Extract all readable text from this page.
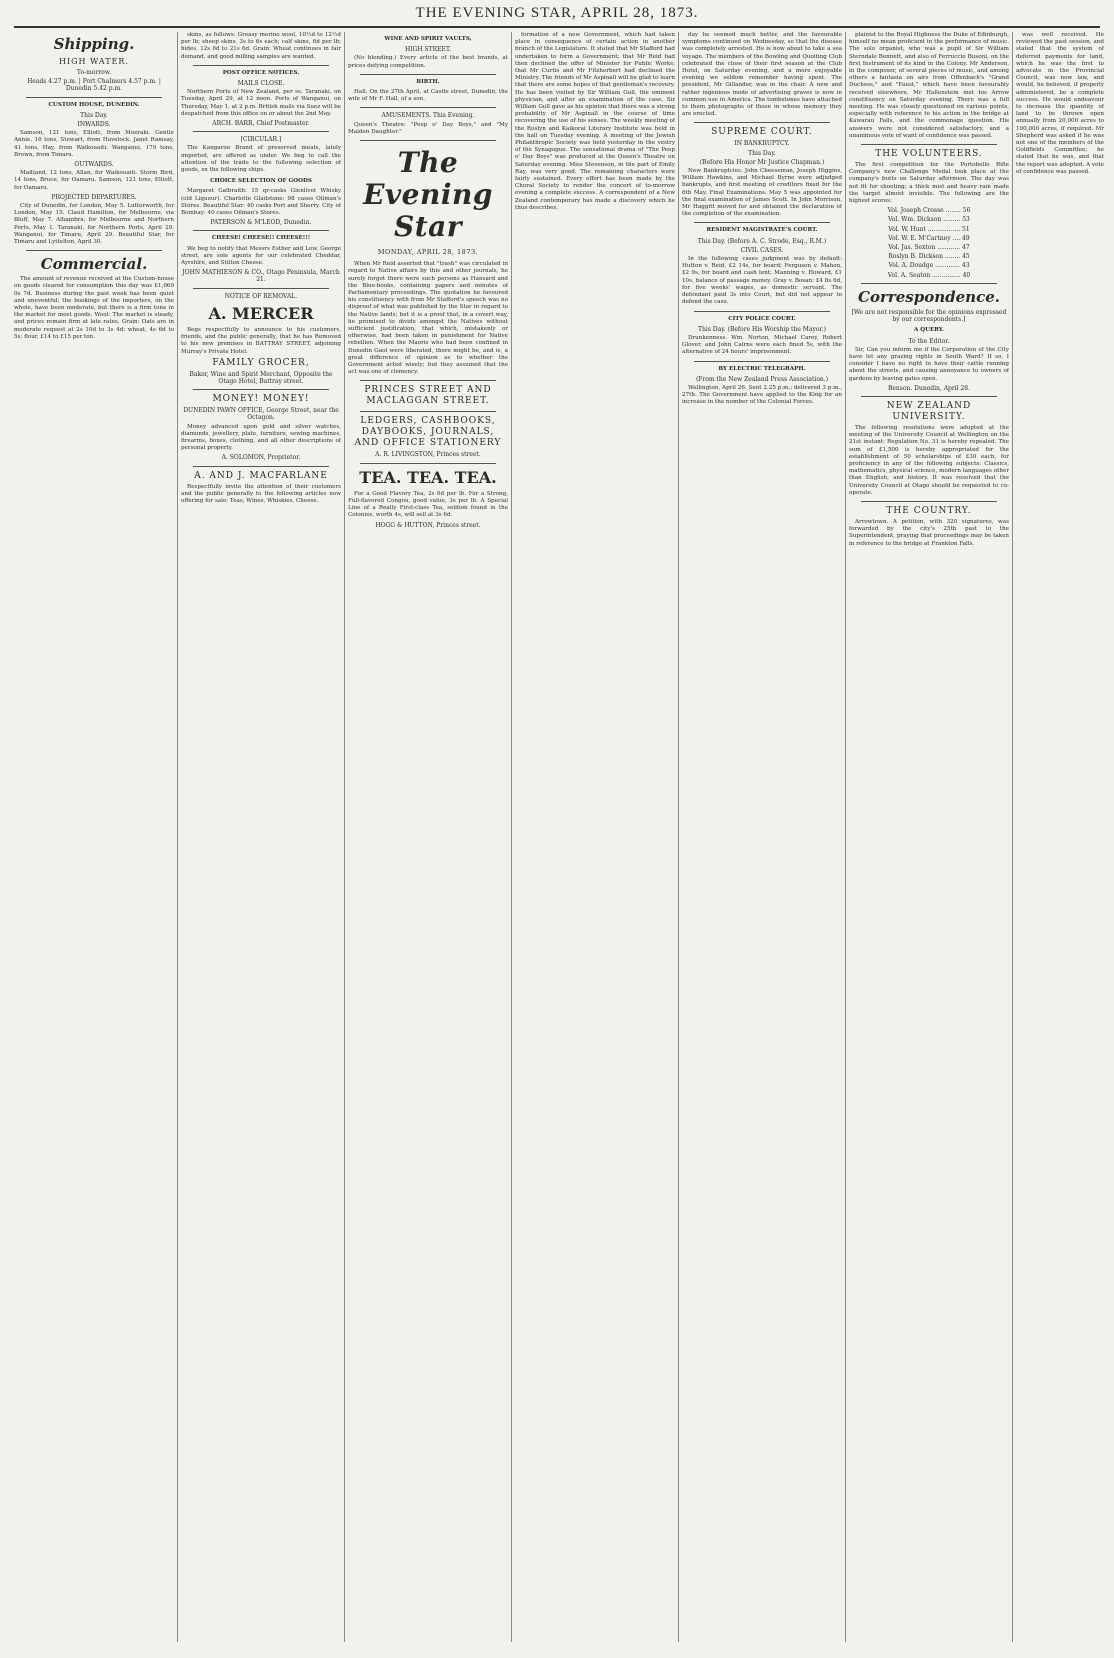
THE EVENING STAR, APRIL 28, 1873.
Shipping.
HIGH WATER.
To-morrow.
Heads 4.27 p.m. | Port Chalmers 4.57 p.m. | Dunedin 5.42 p.m.
CUSTOM HOUSE, DUNEDIN.
This Day.
INWARDS.

Samson, 121 tons, Elliott, from Moeraki. Gentle Annie, 16 tons, Stewart, from Havelock. Janet Ramsay, 41 tons, Hay, from Waikouaiti. Wanganui, 179 tons, Brown, from Timaru.

OUTWARDS.

Maitland, 12 tons, Allan, for Waikouaiti. Storm Bird, 14 tons, Bruce, for Oamaru. Samson, 121 tons, Elliott, for Oamaru.

PROJECTED DEPARTURES.

City of Dunedin, for London, May 5. Lutterworth, for London, May 15. Claud Hamilton, for Melbourne, via Bluff, May 7. Alhambra, for Melbourne and Northern Ports, May 1. Taranaki, for Northern Ports, April 29. Wanganui, for Timaru, April 29. Beautiful Star, for Timaru and Lyttelton, April 30.

Commercial.

The amount of revenue received at the Custom-house on goods cleared for consumption this day was £1,069 0s 7d. Business during the past week has been quiet and uneventful; the bookings of the importers, on the whole, have been moderate, but there is a firm tone in the market for most goods. Wool: The market is steady, and prices remain firm at late rates. Grain: Oats are in moderate request at 2s 10d to 3s 4d; wheat, 4s 6d to 5s; flour, £14 to £15 per ton.

skins, as follows: Greasy merino wool, 10½d to 12½d per lb; sheep skins, 3s to 6s each; calf skins, 6d per lb; hides, 12s 6d to 21s 6d. Grain: Wheat continues in fair demand, and good milling samples are wanted.

POST OFFICE NOTICES.
MAILS CLOSE.

Northern Ports of New Zealand, per ss. Taranaki, on Tuesday, April 29, at 12 noon. Ports of Wanganui, on Thursday, May 1, at 2 p.m. British mails via Suez will be despatched from this office on or about the 2nd May.

ARCH. BARR, Chief Postmaster.
[CIRCULAR.]

The Kangaroo Brand of preserved meats, lately imported, are offered as under. We beg to call the attention of the trade to the following selection of goods, ex the following ships.

CHOICE SELECTION OF GOODS

Margaret Galbraith: 15 qr-casks Glenlivet Whisky (old Liqueur). Charlotte Gladstone: 98 cases Oilman's Stores. Beautiful Star: 40 casks Port and Sherry. City of Bombay: 40 cases Oilman's Stores.

PATERSON & M'LEOD, Dunedin.
CHEESE! CHEESE!! CHEESE!!!

We beg to notify that Messrs Esther and Low, George street, are sole agents for our celebrated Cheddar, Ayrshire, and Stilton Cheese.

JOHN MATHIESON & CO., Otago Peninsula, March 21.
NOTICE OF REMOVAL.
A. MERCER

Begs respectfully to announce to his customers, friends, and the public generally, that he has Removed to his new premises in BATTRAY STREET, adjoining Murray's Private Hotel.

FAMILY GROCER,
Baker, Wine and Spirit Merchant, Opposite the Otago Hotel, Battray street.
MONEY! MONEY!
DUNEDIN PAWN OFFICE, George Street, near the Octagon.

Money advanced upon gold and silver watches, diamonds, jewellery, plate, furniture, sewing machines, firearms, boxes, clothing, and all other descriptions of personal property.

A. SOLOMON, Proprietor.
A. AND J. MACFARLANE

Respectfully invite the attention of their customers and the public generally to the following articles now offering for sale: Teas, Wines, Whiskies, Cheese.

WINE AND SPIRIT VAULTS,
HIGH STREET.

(No blending.) Every article of the best brands, at prices defying competition.

BIRTH.

Hall. On the 27th April, at Castle street, Dunedin, the wife of Mr F. Hall, of a son.

AMUSEMENTS. This Evening.

Queen's Theatre: "Peep o' Day Boys," and "My Maiden Daughter."

The Evening Star
MONDAY, APRIL 28, 1873.

When Mr Reid asserted that "trash" was circulated in regard to Native affairs by this and other journals, he surely forgot there were such persons as Hansard and the Blue-books, containing papers and minutes of Parliamentary proceedings. The quotation he favoured his constituency with from Mr Stafford's speech was no disproof of what was published by the Star in regard to the Native lands; but it is a proof that, in a covert way, he promised to divide amongst the Natives without sufficient justification, that which, mistakenly or otherwise, had been taken in punishment for Native rebellion. When the Maoris who had been confined in Dunedin Gaol were liberated, there might be, and is, a great difference of opinion as to whether the Government acted wisely; but they assumed that the act was one of clemency.

PRINCES STREET AND MACLAGGAN STREET.
LEDGERS, CASHBOOKS, DAYBOOKS, JOURNALS, AND OFFICE STATIONERY
A. R. LIVINGSTON, Princes street.
TEA. TEA. TEA.

For a Good Flavory Tea, 2s 6d per lb. For a Strong, Full-flavored Congou, good value, 3s per lb. A Special Line of a Really First-class Tea, seldom found in the Colonies, worth 4s, will sell at 3s 6d.

HOGG & HUTTON, Princes street.

formation of a new Government, which had taken place in consequence of certain action in another branch of the Legislature. It stated that Mr Stafford had undertaken to form a Government; that Mr Reid had then declined the offer of Minister for Public Works; that Mr Curtis and Mr Fitzherbert had declined the Ministry. The friends of Mr Aspinall will be glad to learn that there are some hopes of that gentleman's recovery. He has been visited by Sir William Gull, the eminent physician, and after an examination of the case, Sir William Gull gave as his opinion that there was a strong probability of Mr Aspinall in the course of time recovering the use of his senses. The weekly meeting of the Roslyn and Kaikorai Literary Institute was held in the hall on Tuesday evening. A meeting of the Jewish Philanthropic Society was held yesterday in the vestry of the Synagogue. The sensational drama of "The Peep o' Day Boys" was produced at the Queen's Theatre on Saturday evening. Miss Stevenson, in the part of Emily Ray, was very good. The remaining characters were fairly sustained. Every effort has been made by the Choral Society to render the concert of to-morrow evening a complete success. A correspondent of a New Zealand contemporary has made a discovery which he thus describes.

day he seemed much better, and the favourable symptoms continued on Wednesday, so that the disease was completely arrested. He is now about to take a sea voyage. The members of the Bowling and Quoiting Club celebrated the close of their first season at the Club Hotel, on Saturday evening, and a more enjoyable evening we seldom remember having spent. The president, Mr Gillander, was in the chair. A new and rather ingenious mode of advertising graves is now in common use in America. The tombstones have attached to them photographs of those in whose memory they are erected.

SUPREME COURT.
IN BANKRUPTCY.
This Day.
(Before His Honor Mr Justice Chapman.)

New Bankruptcies. John Cheeseman, Joseph Higgins, William Hawkins, and Michael Byrne were adjudged bankrupts, and first meeting of creditors fixed for the 6th May. Final Examinations. May 5 was appointed for the final examination of James Scott. In John Morrison, Mr Haggitt moved for and obtained the declaration of the completion of the examination.

RESIDENT MAGISTRATE'S COURT.
This Day. (Before A. C. Strode, Esq., R.M.)
CIVIL CASES.

In the following cases judgment was by default: Hutton v. Reid, £2 14s, for board; Ferguson v. Mahon, £2 9s, for board and cash lent; Manning v. Howard, £1 10s, balance of passage money. Gray v. Bosan: £4 8s 6d, for five weeks' wages, as domestic servant. The defendant paid 3s into Court, but did not appear to defend the case.

CITY POLICE COURT.
This Day. (Before His Worship the Mayor.)

Drunkenness. Wm. Norton, Michael Carey, Robert Glover, and John Cairns were each fined 5s, with the alternative of 24 hours' imprisonment.

BY ELECTRIC TELEGRAPH.
(From the New Zealand Press Association.)

Wellington, April 26. Sent 2.25 p.m.; delivered 3 p.m., 27th. The Government have applied to the King for an increase in the number of the Colonial Forces.

plainist to the Royal Highness the Duke of Edinburgh, himself no mean proficient in the performance of music. The solo organist, who was a pupil of Sir William Sterndale Bennett, and also of Ferruccio Busoni, on the first Instrument of its kind in the Colony. Mr Anderson, in the composer, of several pieces of music, and among others a fantasia on airs from Offenbach's "Grand Duchess," and "Faust," which have been favourably received elsewhere. Mr Hallenstein met his Arrow constituency on Saturday evening. There was a full meeting. He was closely questioned on various points, especially with reference to his action in the bridge at Kawarau Falls, and the commonage question. His answers were not considered satisfactory, and a unanimous vote of want of confidence was passed.

THE VOLUNTEERS.

The first competition for the Portobello Rifle Company's new Challenge Medal took place at the company's butts on Saturday afternoon. The day was not fit for shooting; a thick mist and heavy rain made the target almost invisible. The following are the highest scores:

Vol. Joseph Crosse ........ 56
Vol. Wm. Dickson ......... 53
Vol. W. Hunt ................. 51
Vol. W. E. M'Cartney .... 49
Vol. Jas. Sexton ............ 47
Roslyn B. Dickson ........ 45
Vol. A. Doudge ............. 43
Vol. A. Seaton ............... 40
Correspondence.
[We are not responsible for the opinions expressed by our correspondents.]
A QUERY.
To the Editor.

Sir, Can you inform me if the Corporation of the City have let any grazing rights in South Ward? If so, I consider I have no right to have their cattle running about the streets, and causing annoyance to owners of gardens by leaving gates open.

Benson. Dunedin, April 28.
NEW ZEALAND UNIVERSITY.

The following resolutions were adopted at the meeting of the University Council at Wellington on the 21st instant: Regulation No. 31 is hereby repealed. The sum of £1,500 is hereby appropriated for the establishment of 50 scholarships of £30 each, for proficiency in any of the following subjects: Classics, mathematics, physical science, modern languages other than English, and history. It was resolved that the University Council at Otago should be requested to co-operate.

THE COUNTRY.

Arrowtown. A petition, with 320 signatures, was forwarded by the city's 25th past to the Superintendent, praying that proceedings may be taken in reference to the bridge at Frankton Falls.

was well received. He reviewed the past session, and stated that the system of deferred payments for land, which he was the first to advocate in the Provincial Council, was now law, and would, he believed, if properly administered, be a complete success. He would endeavour to increase the quantity of land to be thrown open annually from 20,000 acres to 100,000 acres, if required. Mr Shepherd was asked if he was not one of the members of the Goldfields Committee; he stated that he was, and that the report was adopted. A vote of confidence was passed.
